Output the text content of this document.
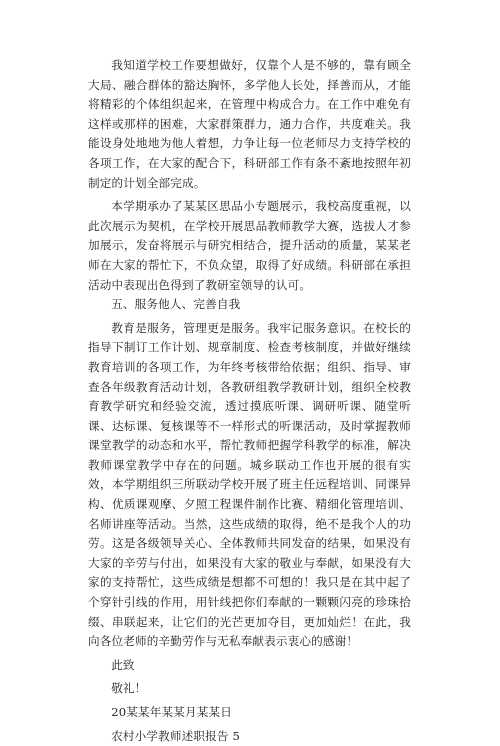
我知道学校工作要想做好，仅靠个人是不够的，靠有顾全大局、融合群体的豁达胸怀，多学他人长处，择善而从，才能将精彩的个体组织起来，在管理中构成合力。在工作中难免有这样或那样的困难，大家群策群力，通力合作，共度难关。我能设身处地地为他人着想，力争让每一位老师尽力支持学校的各项工作，在大家的配合下，科研部工作有条不紊地按照年初制定的计划全部完成。

本学期承办了某某区思品小专题展示，我校高度重视，以此次展示为契机，在学校开展思品教师教学大赛，选拔人才参加展示，发奋将展示与研究相结合，提升活动的质量，某某老师在大家的帮忙下，不负众望，取得了好成绩。科研部在承担活动中表现出色得到了教研室领导的认可。

五、服务他人、完善自我

教育是服务，管理更是服务。我牢记服务意识。在校长的指导下制订工作计划、规章制度、检查考核制度，并做好继续教育培训的各项工作，为年终考核带给依据；组织、指导、审查各年级教育活动计划，各教研组教学教研计划，组织全校教育教学研究和经验交流，透过摸底听课、调研听课、随堂听课、达标课、复核课等不一样形式的听课活动，及时掌握教师课堂教学的动态和水平，帮忙教师把握学科教学的标准，解决教师课堂教学中存在的问题。城乡联动工作也开展的很有实效，本学期组织三所联动学校开展了班主任远程培训、同课异构、优质课观摩、夕照工程课件制作比赛、精细化管理培训、名师讲座等活动。当然，这些成绩的取得，绝不是我个人的功劳。这是各级领导关心、全体教师共同发奋的结果，如果没有大家的辛劳与付出，如果没有大家的敬业与奉献，如果没有大家的支持帮忙，这些成绩是想都不可想的！我只是在其中起了个穿针引线的作用，用针线把你们奉献的一颗颗闪亮的珍珠拾缀、串联起来，让它们的光芒更加夺目，更加灿烂！在此，我向各位老师的辛勤劳作与无私奉献表示衷心的感谢！

此致

敬礼！

20某某年某某月某某日

农村小学教师述职报告 5
